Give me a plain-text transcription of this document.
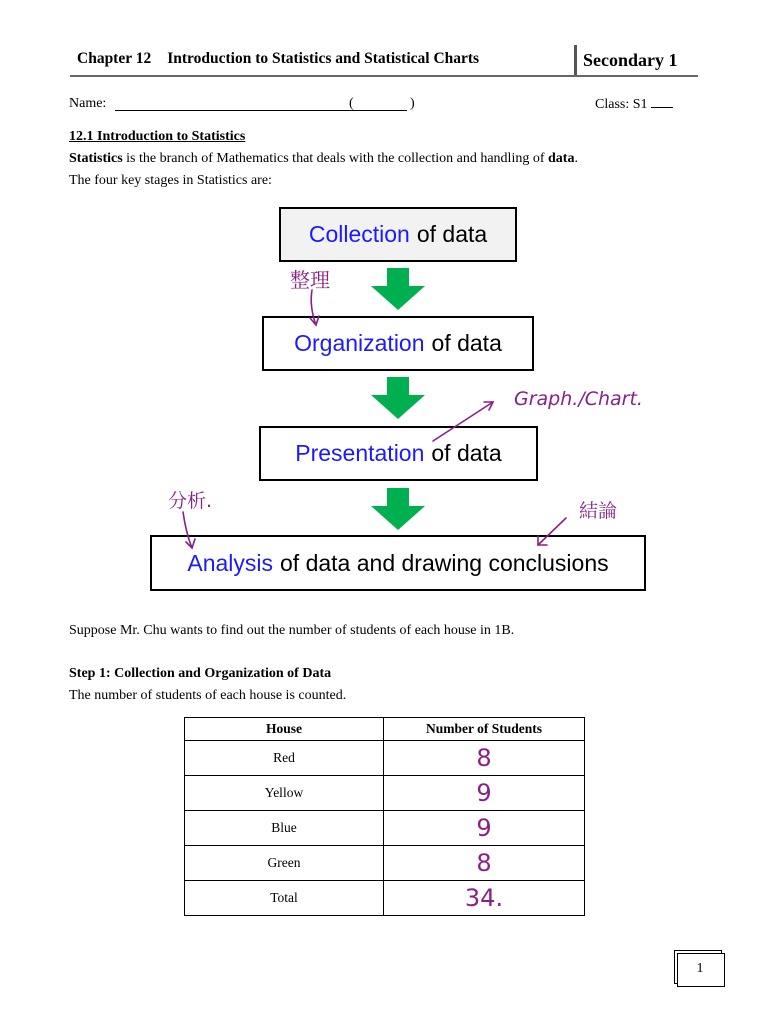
Chapter 12 Introduction to Statistics and Statistical Charts	Secondary 1
Name:	(	)	Class: S1
12.1 Introduction to Statistics
Statistics is the branch of Mathematics that deals with the collection and handling of data.
The four key stages in Statistics are:
Collection of data
Organization of data
Presentation of data
Analysis of data and drawing conclusions
整理
Graph./Chart.
分析.	結論
Suppose Mr. Chu wants to find out the number of students of each house in 1B.
Step 1: Collection and Organization of Data
The number of students of each house is counted.
House	Number of Students
Red	8
Yellow	9
Blue	9
Green	8
Total	34.
1
